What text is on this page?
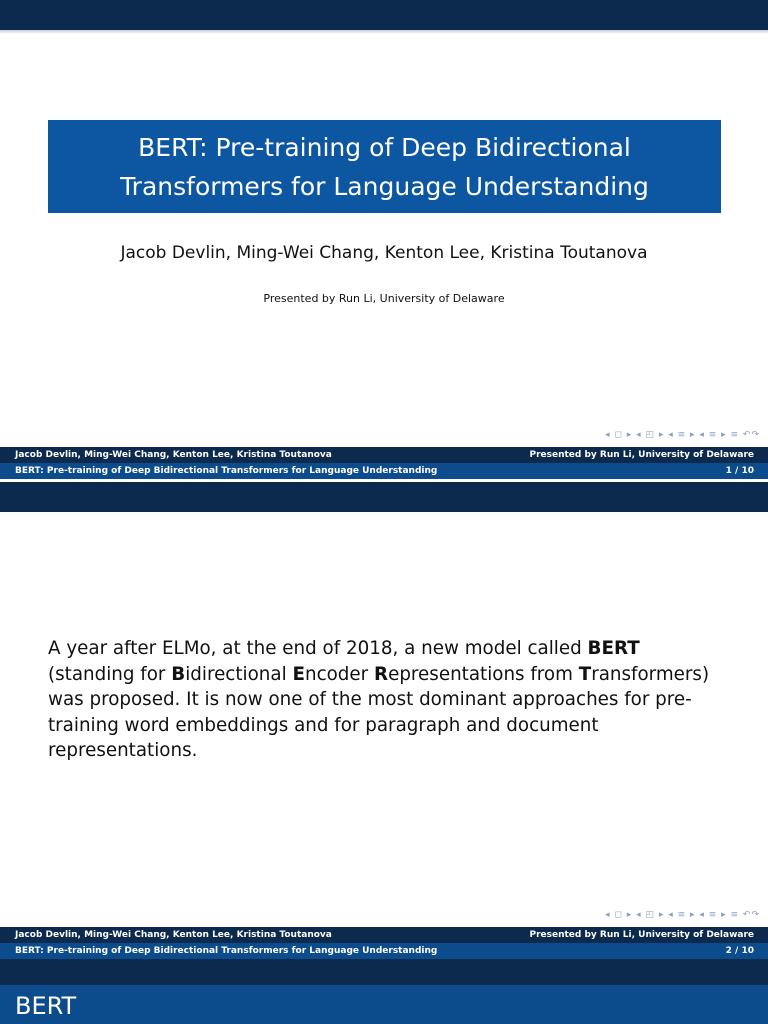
BERT: Pre-training of Deep Bidirectional Transformers for Language Understanding
Jacob Devlin, Ming-Wei Chang, Kenton Lee, Kristina Toutanova
Presented by Run Li, University of Delaware
◂ ◻ ▸ ◂ ◰ ▸ ◂ ≡ ▸ ◂ ≡ ▸ ≡ ↶↷
Jacob Devlin, Ming-Wei Chang, Kenton Lee, Kristina Toutanova	Presented by Run Li, University of Delaware
BERT: Pre-training of Deep Bidirectional Transformers for Language Understanding	1 / 10
A year after ELMo, at the end of 2018, a new model called BERT (standing for Bidirectional Encoder Representations from Transformers) was proposed. It is now one of the most dominant approaches for pre-training word embeddings and for paragraph and document representations.
◂ ◻ ▸ ◂ ◰ ▸ ◂ ≡ ▸ ◂ ≡ ▸ ≡ ↶↷
Jacob Devlin, Ming-Wei Chang, Kenton Lee, Kristina Toutanova	Presented by Run Li, University of Delaware
BERT: Pre-training of Deep Bidirectional Transformers for Language Understanding	2 / 10
BERT
